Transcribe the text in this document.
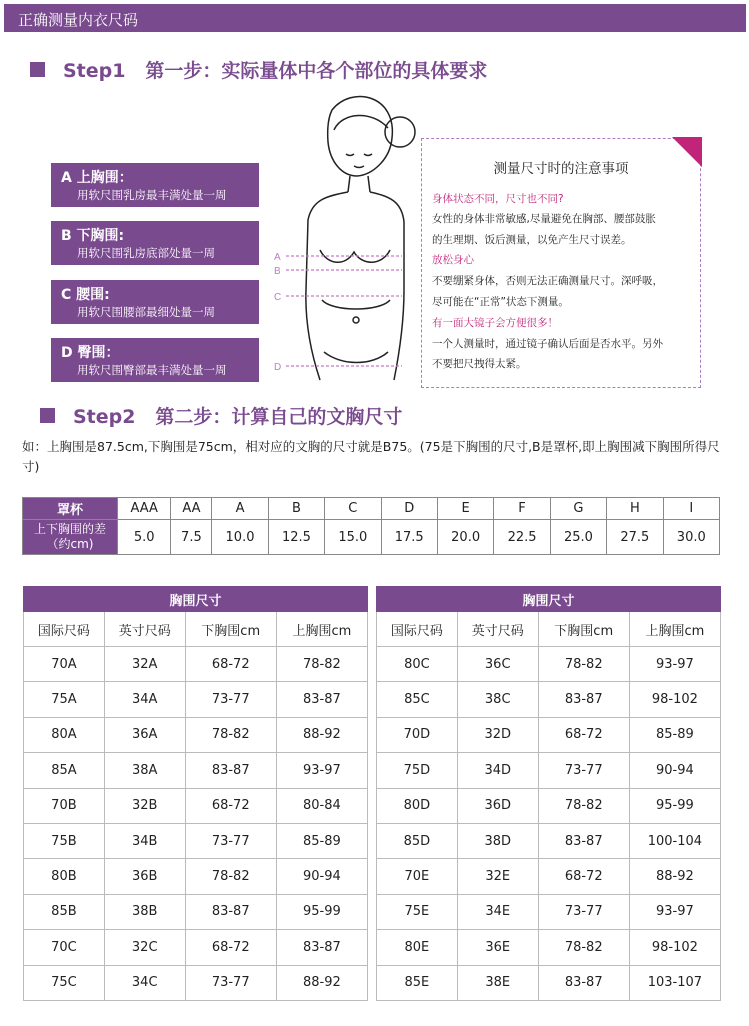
正确测量内衣尺码
Step1   第一步：实际量体中各个部位的具体要求
A 上胸围：
用软尺围乳房最丰满处量一周
B 下胸围:
用软尺围乳房底部处量一周
C 腰围:
用软尺围腰部最细处量一周
D 臀围：
用软尺围臀部最丰满处量一周
A
B
C
D
测量尺寸时的注意事项
身体状态不同，尺寸也不同?
女性的身体非常敏感,尽量避免在胸部、腰部鼓胀
的生理期、饭后测量，以免产生尺寸误差。
放松身心
不要绷紧身体，否则无法正确测量尺寸。深呼吸，
尽可能在“正常”状态下测量。
有一面大镜子会方便很多！
一个人测量时，通过镜子确认后面是否水平。另外
不要把尺拽得太紧。
Step2   第二步：计算自己的文胸尺寸
如：上胸围是87.5cm,下胸围是75cm，相对应的文胸的尺寸就是B75。(75是下胸围的尺寸,B是罩杯,即上胸围减下胸围所得尺寸)
罩杯	AAA	AA	A	B	C	D	E	F	G	H	I
上下胸围的差
（约cm)	5.0	7.5	10.0	12.5	15.0	17.5	20.0	22.5	25.0	27.5	30.0
胸围尺寸			
国际尺码	英寸尺码	下胸围cm	上胸围cm
70A	32A	68-72	78-82
75A	34A	73-77	83-87
80A	36A	78-82	88-92
85A	38A	83-87	93-97
70B	32B	68-72	80-84
75B	34B	73-77	85-89
80B	36B	78-82	90-94
85B	38B	83-87	95-99
70C	32C	68-72	83-87
75C	34C	73-77	88-92
胸围尺寸			
国际尺码	英寸尺码	下胸围cm	上胸围cm
80C	36C	78-82	93-97
85C	38C	83-87	98-102
70D	32D	68-72	85-89
75D	34D	73-77	90-94
80D	36D	78-82	95-99
85D	38D	83-87	100-104
70E	32E	68-72	88-92
75E	34E	73-77	93-97
80E	36E	78-82	98-102
85E	38E	83-87	103-107
